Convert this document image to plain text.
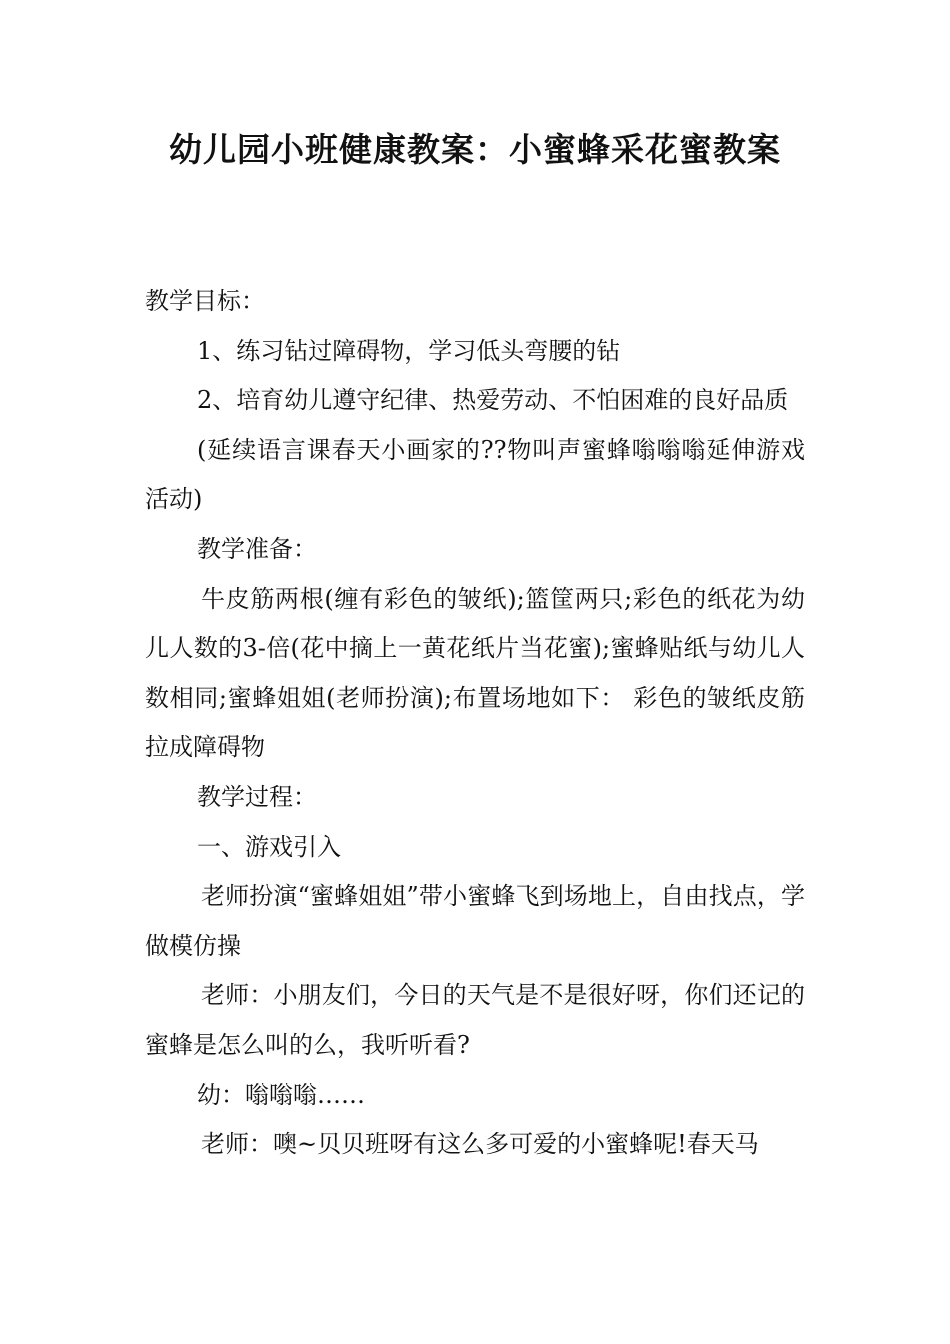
幼儿园小班健康教案：小蜜蜂采花蜜教案

教学目标：

1、练习钻过障碍物，学习低头弯腰的钻

2、培育幼儿遵守纪律、热爱劳动、不怕困难的良好品质

(延续语言课春天小画家的??物叫声蜜蜂嗡嗡嗡延伸游戏活动)

教学准备：

牛皮筋两根(缠有彩色的皱纸);篮筐两只;彩色的纸花为幼儿人数的3-倍(花中摘上一黄花纸片当花蜜);蜜蜂贴纸与幼儿人数相同;蜜蜂姐姐(老师扮演);布置场地如下： 彩色的皱纸皮筋拉成障碍物

教学过程：

一、游戏引入

老师扮演“蜜蜂姐姐”带小蜜蜂飞到场地上，自由找点，学做模仿操

老师：小朋友们，今日的天气是不是很好呀，你们还记的蜜蜂是怎么叫的么，我听听看?

幼：嗡嗡嗡……

老师：噢~贝贝班呀有这么多可爱的小蜜蜂呢!春天马
